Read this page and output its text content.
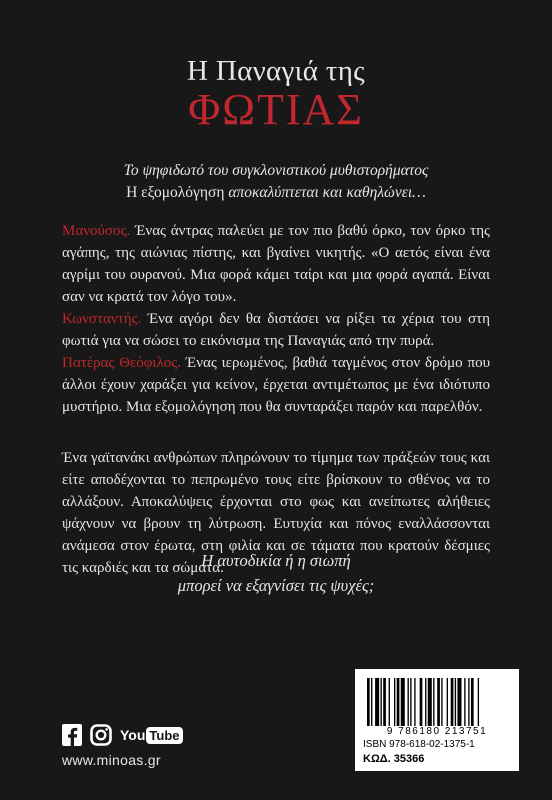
Η Παναγιά της
ΦΩΤΙΑΣ
Το ψηφιδωτό του συγκλονιστικού μυθιστορήματος
Η εξομολόγηση αποκαλύπτεται και καθηλώνει…

Μανούσος. Ένας άντρας παλεύει με τον πιο βαθύ όρκο, τον όρκο της αγάπης, της αιώνιας πίστης, και βγαίνει νικητής. «Ο αετός είναι ένα αγρίμι του ουρανού. Μια φορά κάμει ταίρι και μια φορά αγαπά. Είναι σαν να κρατά τον λόγο του».

Κωνσταντής. Ένα αγόρι δεν θα διστάσει να ρίξει τα χέρια του στη φωτιά για να σώσει το εικόνισμα της Παναγιάς από την πυρά.

Πατέρας Θεόφιλος. Ένας ιερωμένος, βαθιά ταγμένος στον δρόμο που άλλοι έχουν χαράξει για κείνον, έρχεται αντιμέτωπος με ένα ιδιότυπο μυστήριο. Μια εξομολόγηση που θα συνταράξει παρόν και παρελθόν.

Ένα γαϊτανάκι ανθρώπων πληρώνουν το τίμημα των πράξεών τους και είτε αποδέχονται το πεπρωμένο τους είτε βρίσκουν το σθένος να το αλλάξουν. Αποκαλύψεις έρχονται στο φως και ανείπωτες αλήθειες ψάχνουν να βρουν τη λύτρωση. Ευτυχία και πόνος εναλλάσσονται ανάμεσα στον έρωτα, στη φιλία και σε τάματα που κρατούν δέσμιες τις καρδιές και τα σώματα.

Η αυτοδικία ή η σιωπή
μπορεί να εξαγνίσει τις ψυχές;
9 786180 213751
ISBN 978-618-02-1375-1
ΚΩΔ. 35366
You Tube
www.minoas.gr
